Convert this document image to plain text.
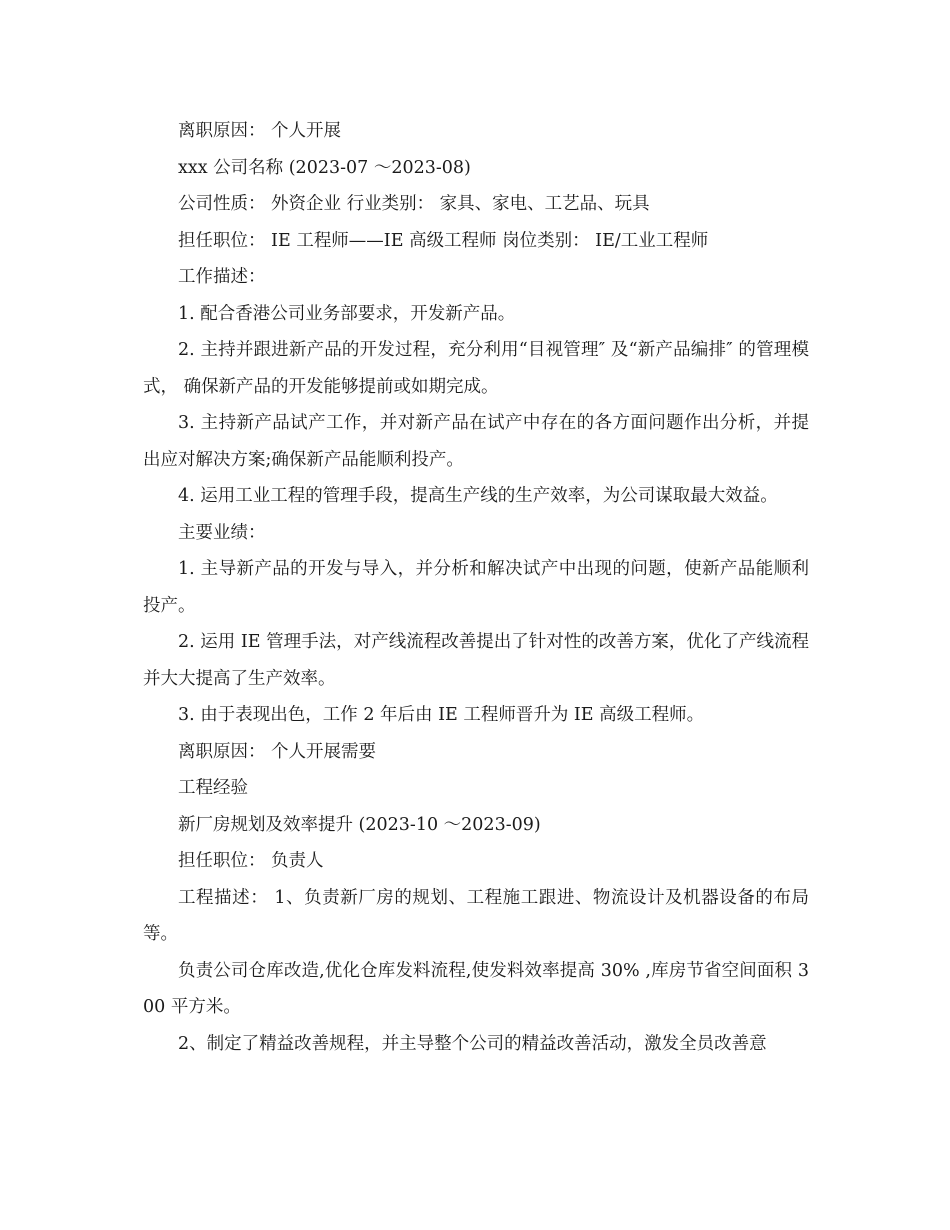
离职原因： 个人开展

xxx 公司名称 (2023-07 ～2023-08)

公司性质： 外资企业 行业类别： 家具、家电、工艺品、玩具

担任职位： IE 工程师——IE 高级工程师 岗位类别： IE/工业工程师

工作描述：

1. 配合香港公司业务部要求，开发新产品。

2. 主持并跟进新产品的开发过程，充分利用“目视管理″ 及“新产品编排″ 的管理模式， 确保新产品的开发能够提前或如期完成。

3. 主持新产品试产工作，并对新产品在试产中存在的各方面问题作出分析，并提出应对解决方案;确保新产品能顺利投产。

4. 运用工业工程的管理手段，提高生产线的生产效率，为公司谋取最大效益。

主要业绩：

1. 主导新产品的开发与导入，并分析和解决试产中出现的问题，使新产品能顺利投产。

2. 运用 IE 管理手法，对产线流程改善提出了针对性的改善方案，优化了产线流程并大大提高了生产效率。

3. 由于表现出色，工作 2 年后由 IE 工程师晋升为 IE 高级工程师。

离职原因： 个人开展需要

工程经验

新厂房规划及效率提升 (2023-10 ～2023-09)

担任职位： 负责人

工程描述： 1、负责新厂房的规划、工程施工跟进、物流设计及机器设备的布局等。

负责公司仓库改造,优化仓库发料流程,使发料效率提高 30% ,库房节省空间面积 300 平方米。

2、制定了精益改善规程，并主导整个公司的精益改善活动，激发全员改善意
